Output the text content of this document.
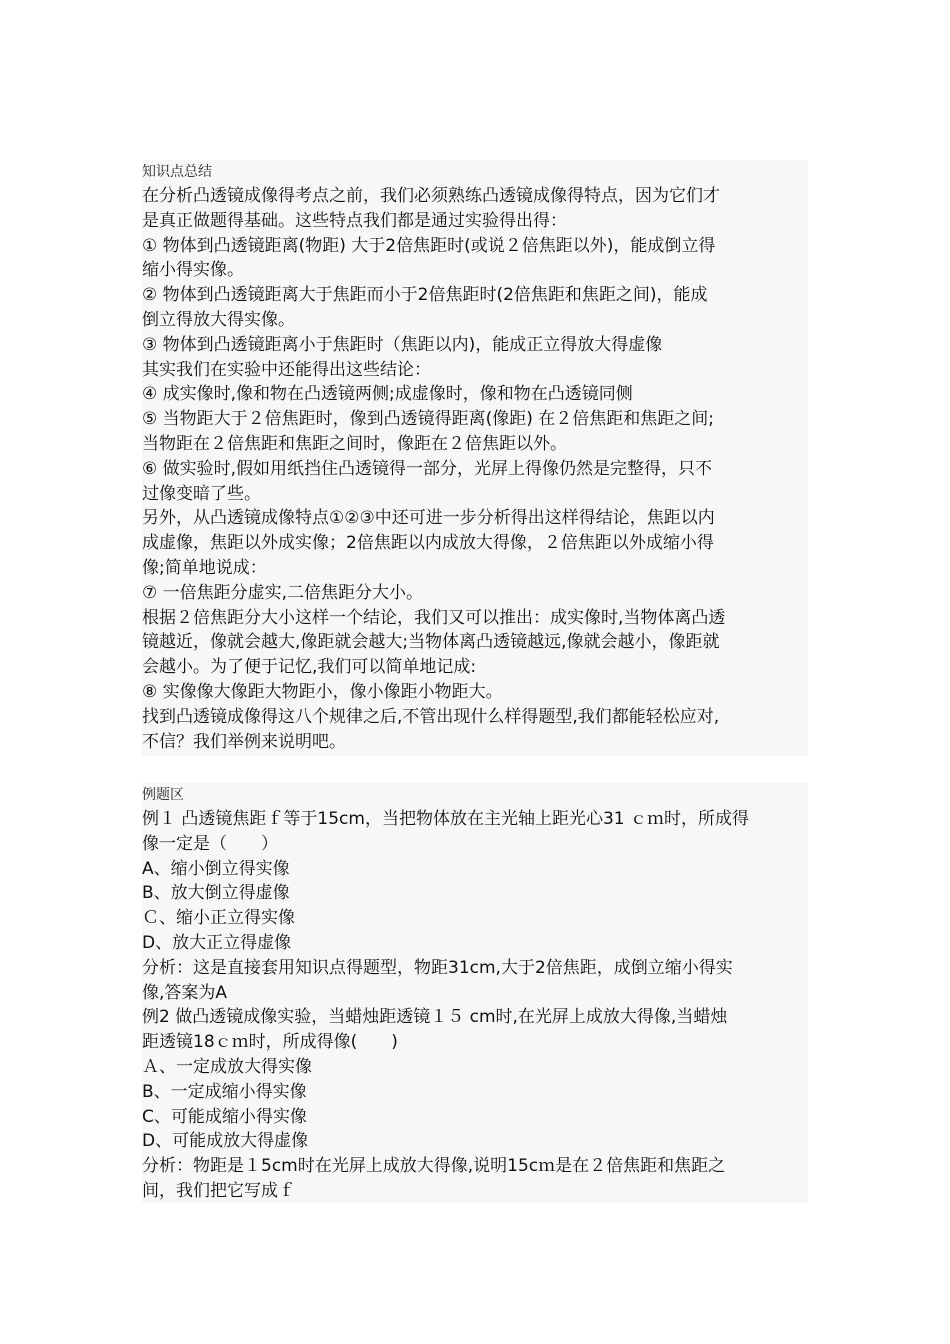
知识点总结
在分析凸透镜成像得考点之前，我们必须熟练凸透镜成像得特点，因为它们才
是真正做题得基础。这些特点我们都是通过实验得出得：
① 物体到凸透镜距离(物距) 大于2倍焦距时(或说２倍焦距以外)，能成倒立得
缩小得实像。
② 物体到凸透镜距离大于焦距而小于2倍焦距时(2倍焦距和焦距之间)，能成
倒立得放大得实像。
③ 物体到凸透镜距离小于焦距时（焦距以内)，能成正立得放大得虚像
其实我们在实验中还能得出这些结论：
④ 成实像时,像和物在凸透镜两侧;成虚像时，像和物在凸透镜同侧
⑤ 当物距大于２倍焦距时，像到凸透镜得距离(像距) 在２倍焦距和焦距之间;
当物距在２倍焦距和焦距之间时，像距在２倍焦距以外。
⑥ 做实验时,假如用纸挡住凸透镜得一部分，光屏上得像仍然是完整得，只不
过像变暗了些。
另外，从凸透镜成像特点①②③中还可进一步分析得出这样得结论，焦距以内
成虚像，焦距以外成实像；2倍焦距以内成放大得像，２倍焦距以外成缩小得
像;简单地说成：
⑦ 一倍焦距分虚实,二倍焦距分大小。
根据２倍焦距分大小这样一个结论，我们又可以推出：成实像时,当物体离凸透
镜越近，像就会越大,像距就会越大;当物体离凸透镜越远,像就会越小，像距就
会越小。为了便于记忆,我们可以简单地记成:
⑧ 实像像大像距大物距小，像小像距小物距大。
找到凸透镜成像得这八个规律之后,不管出现什么样得题型,我们都能轻松应对,
不信？我们举例来说明吧。
例题区
例１ 凸透镜焦距ｆ等于15cm，当把物体放在主光轴上距光心31 ｃｍ时，所成得
像一定是（　　）
A、缩小倒立得实像
B、放大倒立得虚像
Ｃ、缩小正立得实像
D、放大正立得虚像
分析：这是直接套用知识点得题型，物距31cm,大于2倍焦距，成倒立缩小得实
像,答案为A
例2 做凸透镜成像实验，当蜡烛距透镜１５ cm时,在光屏上成放大得像,当蜡烛
距透镜18ｃｍ时，所成得像(　　)
Ａ、一定成放大得实像
B、一定成缩小得实像
C、可能成缩小得实像
D、可能成放大得虚像
分析：物距是１5cm时在光屏上成放大得像,说明15cｍ是在２倍焦距和焦距之
间，我们把它写成ｆ
